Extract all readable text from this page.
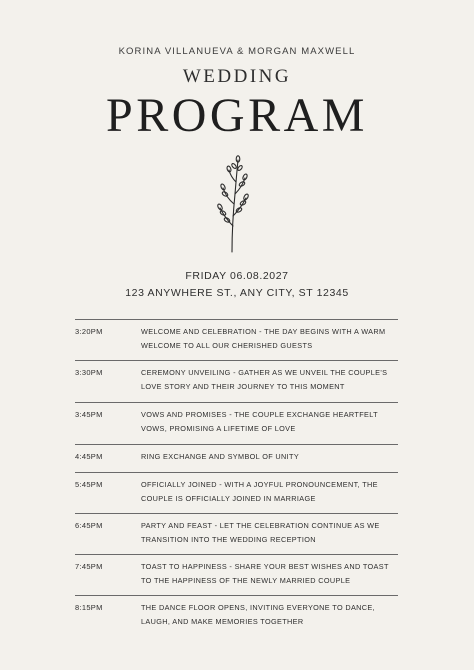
KORINA VILLANUEVA & MORGAN MAXWELL
WEDDING
PROGRAM
FRIDAY 06.08.2027
123 ANYWHERE ST., ANY CITY, ST 12345
3:20PM	WELCOME AND CELEBRATION - THE DAY BEGINS WITH A WARM WELCOME TO ALL OUR CHERISHED GUESTS
3:30PM	CEREMONY UNVEILING - GATHER AS WE UNVEIL THE COUPLE'S LOVE STORY AND THEIR JOURNEY TO THIS MOMENT
3:45PM	VOWS AND PROMISES - THE COUPLE EXCHANGE HEARTFELT VOWS, PROMISING A LIFETIME OF LOVE
4:45PM	RING EXCHANGE AND SYMBOL OF UNITY
5:45PM	OFFICIALLY JOINED - WITH A JOYFUL PRONOUNCEMENT, THE COUPLE IS OFFICIALLY JOINED IN MARRIAGE
6:45PM	PARTY AND FEAST - LET THE CELEBRATION CONTINUE AS WE TRANSITION INTO THE WEDDING RECEPTION
7:45PM	TOAST TO HAPPINESS - SHARE YOUR BEST WISHES AND TOAST TO THE HAPPINESS OF THE NEWLY MARRIED COUPLE
8:15PM	THE DANCE FLOOR OPENS, INVITING EVERYONE TO DANCE, LAUGH, AND MAKE MEMORIES TOGETHER
